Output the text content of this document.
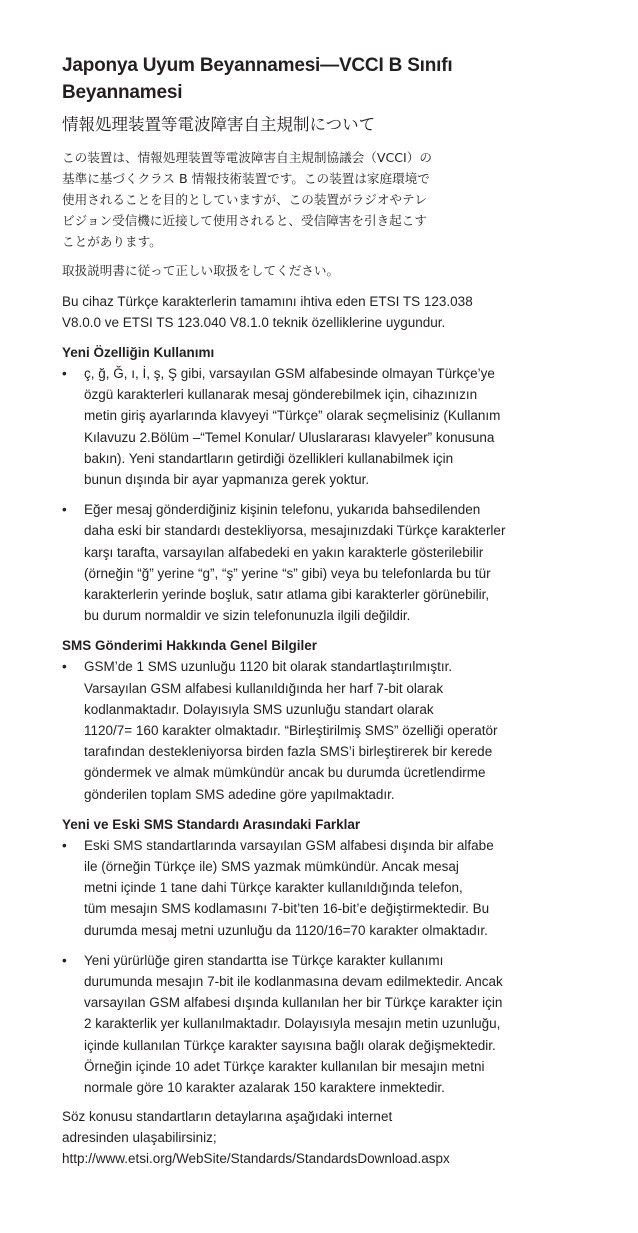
Japonya Uyum Beyannamesi—VCCI B Sınıfı
Beyannamesi
情報処理装置等電波障害自主規制について

この装置は、情報処理装置等電波障害自主規制協議会（VCCI）の
基準に基づくクラス B 情報技術装置です。この装置は家庭環境で
使用されることを目的としていますが、この装置がラジオやテレ
ビジョン受信機に近接して使用されると、受信障害を引き起こす
ことがあります。

取扱説明書に従って正しい取扱をしてください。

Bu cihaz Türkçe karakterlerin tamamını ihtiva eden ETSI TS 123.038
V8.0.0 ve ETSI TS 123.040 V8.1.0 teknik özelliklerine uygundur.

Yeni Özelliğin Kullanımı
• ç, ğ, Ğ, ı, İ, ş, Ş gibi, varsayılan GSM alfabesinde olmayan Türkçe’ye
özgü karakterleri kullanarak mesaj gönderebilmek için, cihazınızın
metin giriş ayarlarında klavyeyi “Türkçe” olarak seçmelisiniz (Kullanım
Kılavuzu 2.Bölüm –“Temel Konular/ Uluslararası klavyeler” konusuna
bakın). Yeni standartların getirdiği özellikleri kullanabilmek için
bunun dışında bir ayar yapmanıza gerek yoktur.
• Eğer mesaj gönderdiğiniz kişinin telefonu, yukarıda bahsedilenden
daha eski bir standardı destekliyorsa, mesajınızdaki Türkçe karakterler
karşı tarafta, varsayılan alfabedeki en yakın karakterle gösterilebilir
(örneğin “ğ” yerine “g”, “ş” yerine “s” gibi) veya bu telefonlarda bu tür
karakterlerin yerinde boşluk, satır atlama gibi karakterler görünebilir,
bu durum normaldir ve sizin telefonunuzla ilgili değildir.
SMS Gönderimi Hakkında Genel Bilgiler
• GSM’de 1 SMS uzunluğu 1120 bit olarak standartlaştırılmıştır.
Varsayılan GSM alfabesi kullanıldığında her harf 7-bit olarak
kodlanmaktadır. Dolayısıyla SMS uzunluğu standart olarak
1120/7= 160 karakter olmaktadır. “Birleştirilmiş SMS” özelliği operatör
tarafından destekleniyorsa birden fazla SMS’i birleştirerek bir kerede
göndermek ve almak mümkündür ancak bu durumda ücretlendirme
gönderilen toplam SMS adedine göre yapılmaktadır.
Yeni ve Eski SMS Standardı Arasındaki Farklar
• Eski SMS standartlarında varsayılan GSM alfabesi dışında bir alfabe
ile (örneğin Türkçe ile) SMS yazmak mümkündür. Ancak mesaj
metni içinde 1 tane dahi Türkçe karakter kullanıldığında telefon,
tüm mesajın SMS kodlamasını 7-bit’ten 16-bit’e değiştirmektedir. Bu
durumda mesaj metni uzunluğu da 1120/16=70 karakter olmaktadır.
• Yeni yürürlüğe giren standartta ise Türkçe karakter kullanımı
durumunda mesajın 7-bit ile kodlanmasına devam edilmektedir. Ancak
varsayılan GSM alfabesi dışında kullanılan her bir Türkçe karakter için
2 karakterlik yer kullanılmaktadır. Dolayısıyla mesajın metin uzunluğu,
içinde kullanılan Türkçe karakter sayısına bağlı olarak değişmektedir.
Örneğin içinde 10 adet Türkçe karakter kullanılan bir mesajın metni
normale göre 10 karakter azalarak 150 karaktere inmektedir.

Söz konusu standartların detaylarına aşağıdaki internet
adresinden ulaşabilirsiniz;
http://www.etsi.org/WebSite/Standards/StandardsDownload.aspx
